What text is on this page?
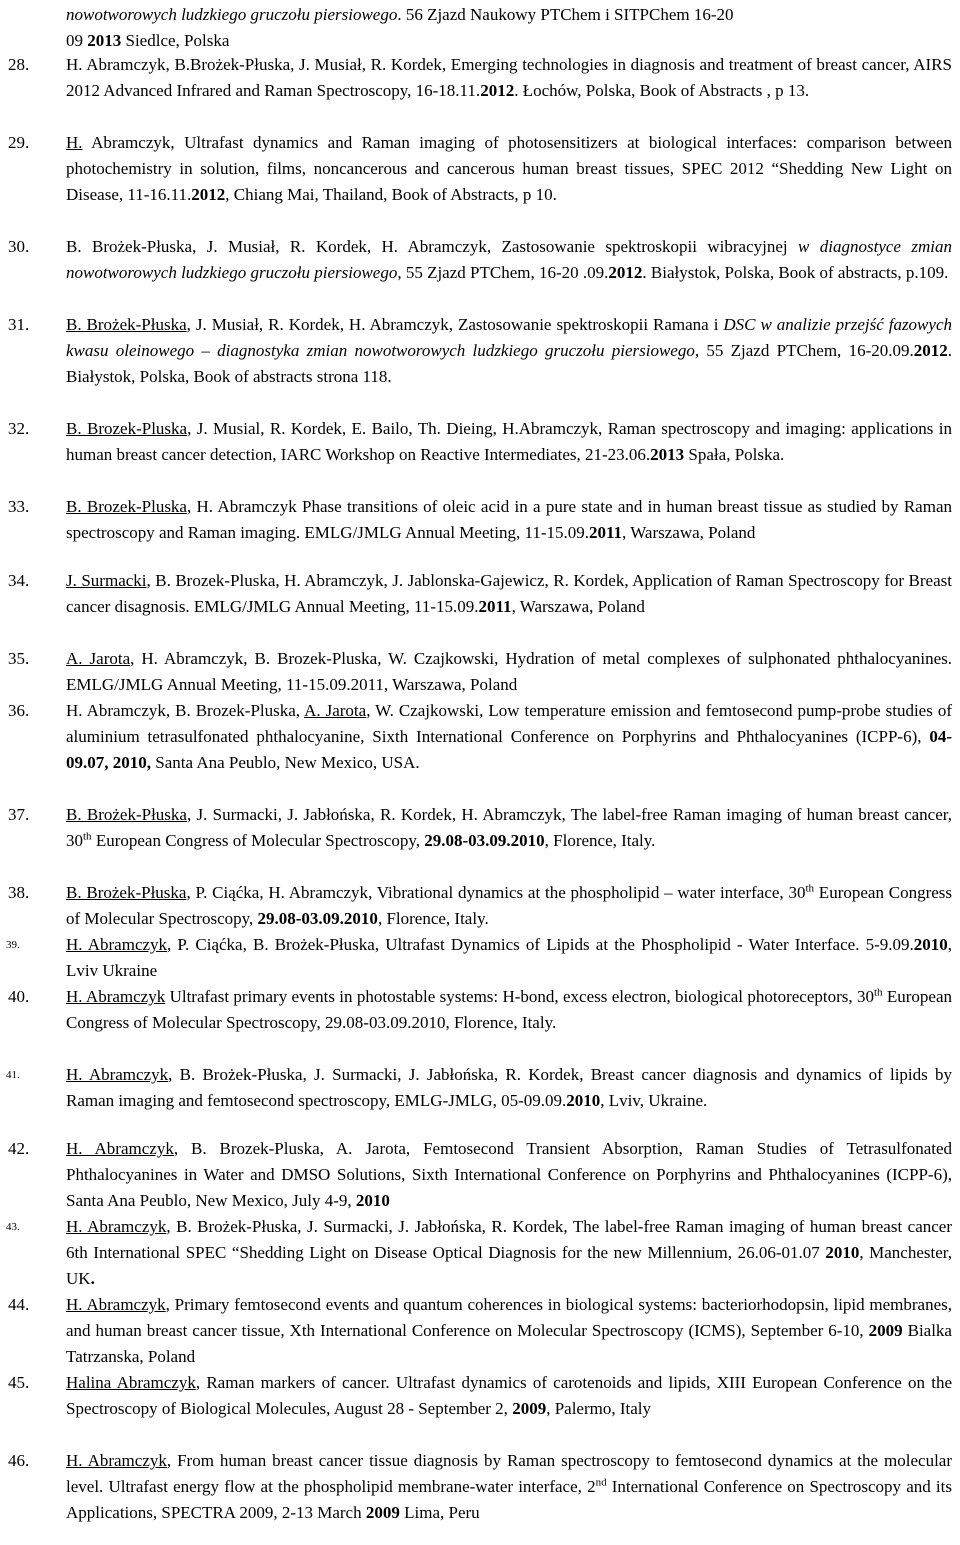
nowotworowych ludzkiego gruczołu piersiowego. 56 Zjazd Naukowy PTChem i SITPChem 16-20
09 2013 Siedlce, Polska
28. H. Abramczyk, B.Brożek-Płuska, J. Musiał, R. Kordek, Emerging technologies in diagnosis and treatment of breast cancer, AIRS 2012 Advanced Infrared and Raman Spectroscopy, 16-18.11.2012. Łochów, Polska, Book of Abstracts , p 13.
29. H. Abramczyk, Ultrafast dynamics and Raman imaging of photosensitizers at biological interfaces: comparison between photochemistry in solution, films, noncancerous and cancerous human breast tissues, SPEC 2012 “Shedding New Light on Disease, 11-16.11.2012, Chiang Mai, Thailand, Book of Abstracts, p 10.
30. B. Brożek-Płuska, J. Musiał, R. Kordek, H. Abramczyk, Zastosowanie spektroskopii wibracyjnej w diagnostyce zmian nowotworowych ludzkiego gruczołu piersiowego, 55 Zjazd PTChem, 16-20 .09.2012. Białystok, Polska, Book of abstracts, p.109.
31. B. Brożek-Płuska, J. Musiał, R. Kordek, H. Abramczyk, Zastosowanie spektroskopii Ramana i DSC w analizie przejść fazowych kwasu oleinowego – diagnostyka zmian nowotworowych ludzkiego gruczołu piersiowego, 55 Zjazd PTChem, 16-20.09.2012. Białystok, Polska, Book of abstracts strona 118.
32. B. Brozek-Pluska, J. Musial, R. Kordek, E. Bailo, Th. Dieing, H.Abramczyk, Raman spectroscopy and imaging: applications in human breast cancer detection, IARC Workshop on Reactive Intermediates, 21-23.06.2013 Spała, Polska.
33. B. Brozek-Pluska, H. Abramczyk Phase transitions of oleic acid in a pure state and in human breast tissue as studied by Raman spectroscopy and Raman imaging. EMLG/JMLG Annual Meeting, 11-15.09.2011, Warszawa, Poland
34. J. Surmacki, B. Brozek-Pluska, H. Abramczyk, J. Jablonska-Gajewicz, R. Kordek, Application of Raman Spectroscopy for Breast cancer disagnosis. EMLG/JMLG Annual Meeting, 11-15.09.2011, Warszawa, Poland
35. A. Jarota, H. Abramczyk, B. Brozek-Pluska, W. Czajkowski, Hydration of metal complexes of sulphonated phthalocyanines. EMLG/JMLG Annual Meeting, 11-15.09.2011, Warszawa, Poland
36. H. Abramczyk, B. Brozek-Pluska, A. Jarota, W. Czajkowski, Low temperature emission and femtosecond pump-probe studies of aluminium tetrasulfonated phthalocyanine, Sixth International Conference on Porphyrins and Phthalocyanines (ICPP-6), 04-09.07, 2010, Santa Ana Peublo, New Mexico, USA.
37. B. Brożek-Płuska, J. Surmacki, J. Jabłońska, R. Kordek, H. Abramczyk, The label-free Raman imaging of human breast cancer, 30th European Congress of Molecular Spectroscopy, 29.08-03.09.2010, Florence, Italy.
38. B. Brożek-Płuska, P. Ciąćka, H. Abramczyk, Vibrational dynamics at the phospholipid – water interface, 30th European Congress of Molecular Spectroscopy, 29.08-03.09.2010, Florence, Italy.
39.	H. Abramczyk, P. Ciąćka, B. Brożek-Płuska, Ultrafast Dynamics of Lipids at the Phospholipid - Water Interface. 5-9.09.2010, Lviv Ukraine
40. H. Abramczyk Ultrafast primary events in photostable systems: H-bond, excess electron, biological photoreceptors, 30th European Congress of Molecular Spectroscopy, 29.08-03.09.2010, Florence, Italy.
41.	H. Abramczyk, B. Brożek-Płuska, J. Surmacki, J. Jabłońska, R. Kordek, Breast cancer diagnosis and dynamics of lipids by Raman imaging and femtosecond spectroscopy, EMLG-JMLG, 05-09.09.2010, Lviv, Ukraine.
42. H. Abramczyk, B. Brozek-Pluska, A. Jarota, Femtosecond Transient Absorption, Raman Studies of Tetrasulfonated Phthalocyanines in Water and DMSO Solutions, Sixth International Conference on Porphyrins and Phthalocyanines (ICPP-6), Santa Ana Peublo, New Mexico, July 4-9, 2010
43.	H. Abramczyk, B. Brożek-Płuska, J. Surmacki, J. Jabłońska, R. Kordek, The label-free Raman imaging of human breast cancer 6th International SPEC “Shedding Light on Disease Optical Diagnosis for the new Millennium, 26.06-01.07 2010, Manchester, UK.
44. H. Abramczyk, Primary femtosecond events and quantum coherences in biological systems: bacteriorhodopsin, lipid membranes, and human breast cancer tissue, Xth International Conference on Molecular Spectroscopy (ICMS), September 6-10, 2009 Bialka Tatrzanska, Poland
45. Halina Abramczyk, Raman markers of cancer. Ultrafast dynamics of carotenoids and lipids, XIII European Conference on the Spectroscopy of Biological Molecules, August 28 - September 2, 2009, Palermo, Italy
46. H. Abramczyk, From human breast cancer tissue diagnosis by Raman spectroscopy to femtosecond dynamics at the molecular level. Ultrafast energy flow at the phospholipid membrane-water interface, 2nd International Conference on Spectroscopy and its Applications, SPECTRA 2009, 2-13 March 2009 Lima, Peru
